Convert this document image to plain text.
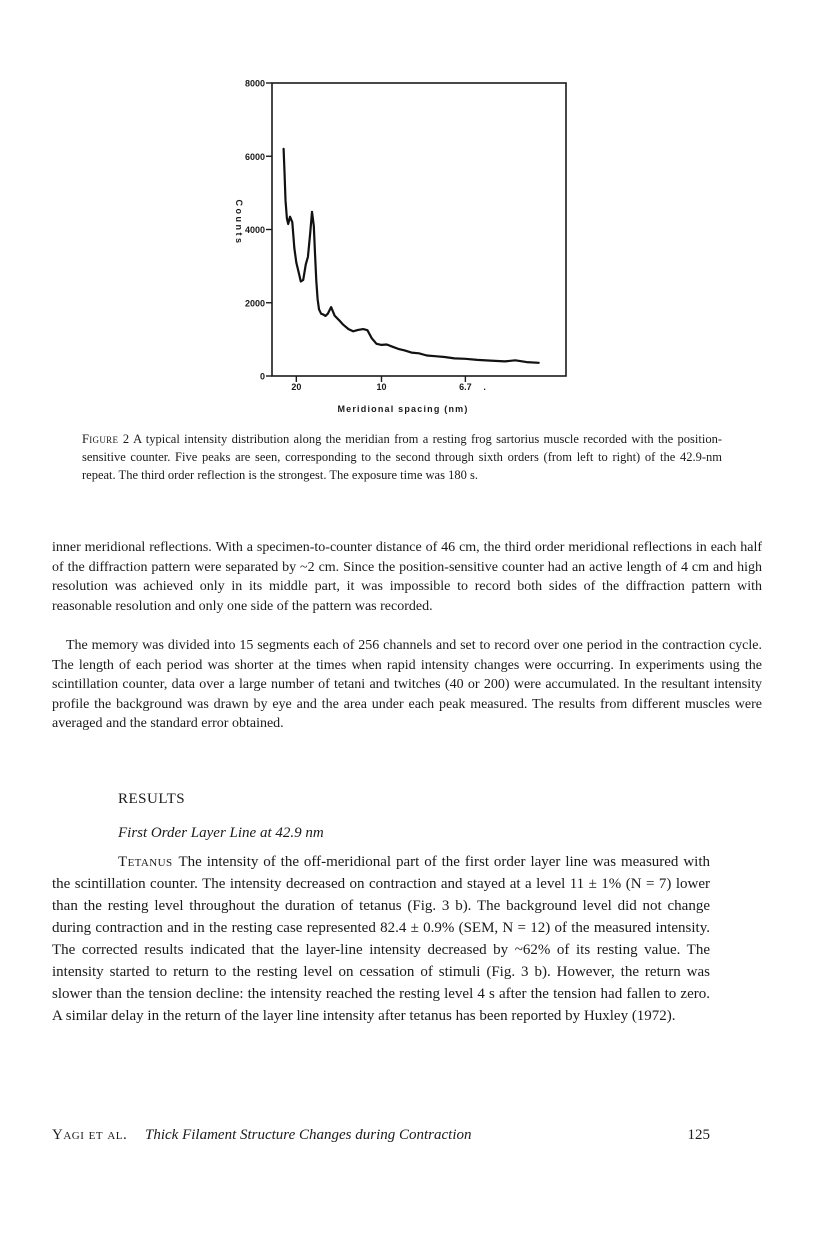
0
2000
4000
6000
8000
20	10	6.7 .
Meridional spacing (nm)
Counts
Figure 2 A typical intensity distribution along the meridian from a resting frog sartorius muscle recorded with the position-sensitive counter. Five peaks are seen, corresponding to the second through sixth orders (from left to right) of the 42.9-nm repeat. The third order reflection is the strongest. The exposure time was 180 s.

inner meridional reflections. With a specimen-to-counter distance of 46 cm, the third order meridional reflections in each half of the diffraction pattern were separated by ~2 cm. Since the position-sensitive counter had an active length of 4 cm and high resolution was achieved only in its middle part, it was impossible to record both sides of the diffraction pattern with reasonable resolution and only one side of the pattern was recorded.

The memory was divided into 15 segments each of 256 channels and set to record over one period in the contraction cycle. The length of each period was shorter at the times when rapid intensity changes were occurring. In experiments using the scintillation counter, data over a large number of tetani and twitches (40 or 200) were accumulated. In the resultant intensity profile the background was drawn by eye and the area under each peak measured. The results from different muscles were averaged and the standard error obtained.

RESULTS
First Order Layer Line at 42.9 nm
Tetanus The intensity of the off-meridional part of the first order layer line was measured with the scintillation counter. The intensity decreased on contraction and stayed at a level 11 ± 1% (N = 7) lower than the resting level throughout the duration of tetanus (Fig. 3 b). The background level did not change during contraction and in the resting case represented 82.4 ± 0.9% (SEM, N = 12) of the measured intensity. The corrected results indicated that the layer-line intensity decreased by ~62% of its resting value. The intensity started to return to the resting level on cessation of stimuli (Fig. 3 b). However, the return was slower than the tension decline: the intensity reached the resting level 4 s after the tension had fallen to zero. A similar delay in the return of the layer line intensity after tetanus has been reported by Huxley (1972).
Yagi et al. Thick Filament Structure Changes during Contraction	125
